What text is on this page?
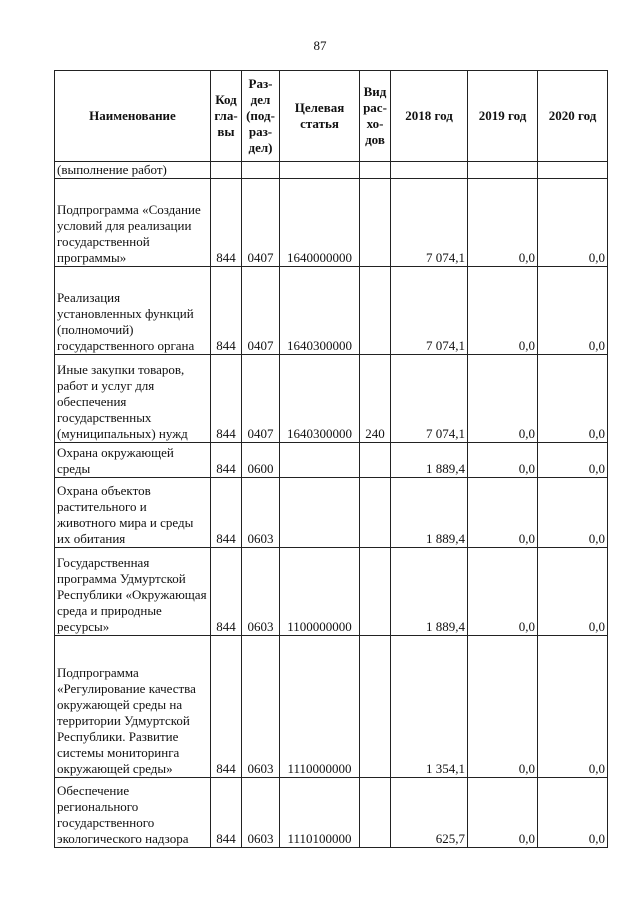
87
Наименование	Код гла- вы	Раз- дел (под- раз- дел)	Целевая статья	Вид рас- хо- дов	2018 год	2019 год	2020 год
(выполнение работ)							
Подпрограмма «Создание условий для реализации государственной программы»	844	0407	1640000000		7 074,1	0,0	0,0
Реализация установленных функций (полномочий) государственного органа	844	0407	1640300000		7 074,1	0,0	0,0
Иные закупки товаров, работ и услуг для обеспечения государственных (муниципальных) нужд	844	0407	1640300000	240	7 074,1	0,0	0,0
Охрана окружающей среды	844	0600			1 889,4	0,0	0,0
Охрана объектов растительного и животного мира и среды их обитания	844	0603			1 889,4	0,0	0,0
Государственная программа Удмуртской Республики «Окружающая среда и природные ресурсы»	844	0603	1100000000		1 889,4	0,0	0,0
Подпрограмма «Регулирование качества окружающей среды на территории Удмуртской Республики. Развитие системы мониторинга окружающей среды»	844	0603	1110000000		1 354,1	0,0	0,0
Обеспечение регионального государственного экологического надзора	844	0603	1110100000		625,7	0,0	0,0
